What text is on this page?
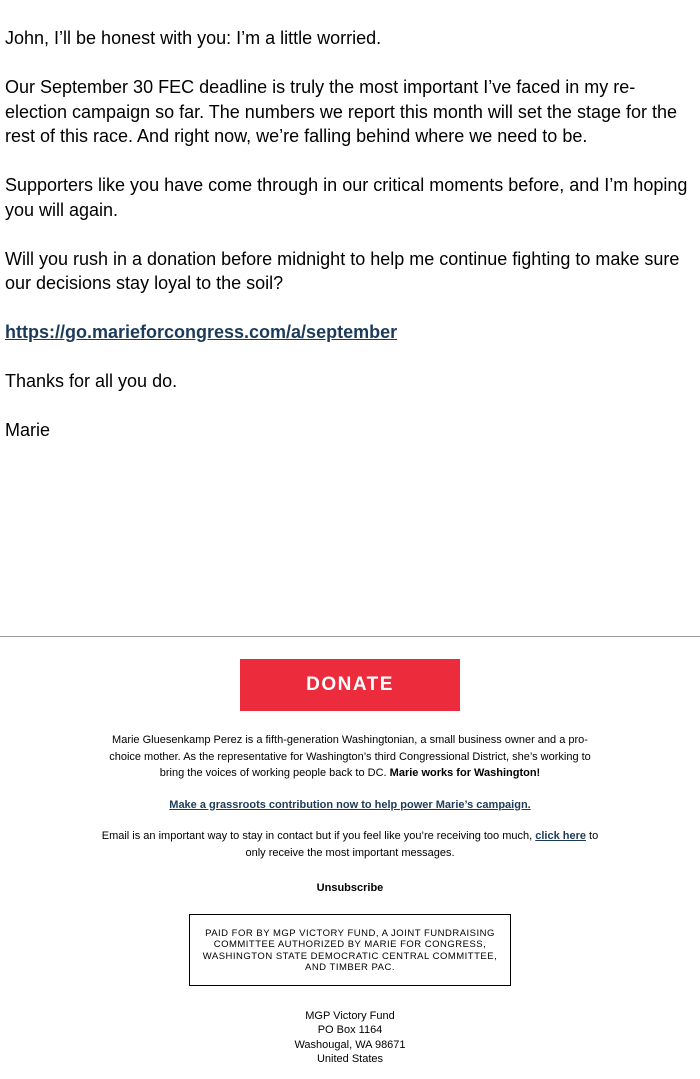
John, I’ll be honest with you: I’m a little worried.

Our September 30 FEC deadline is truly the most important I’ve faced in my re-election campaign so far. The numbers we report this month will set the stage for the rest of this race. And right now, we’re falling behind where we need to be.

Supporters like you have come through in our critical moments before, and I’m hoping you will again.

Will you rush in a donation before midnight to help me continue fighting to make sure our decisions stay loyal to the soil?

https://go.marieforcongress.com/a/september

Thanks for all you do.

Marie

DONATE
Marie Gluesenkamp Perez is a fifth-generation Washingtonian, a small business owner and a pro-choice mother. As the representative for Washington’s third Congressional District, she’s working to bring the voices of working people back to DC. Marie works for Washington!
Make a grassroots contribution now to help power Marie’s campaign.
Email is an important way to stay in contact but if you feel like you’re receiving too much, click here to only receive the most important messages.
Unsubscribe
PAID FOR BY MGP VICTORY FUND, A JOINT FUNDRAISING COMMITTEE AUTHORIZED BY MARIE FOR CONGRESS, WASHINGTON STATE DEMOCRATIC CENTRAL COMMITTEE, AND TIMBER PAC.
MGP Victory Fund
PO Box 1164
Washougal, WA 98671
United States
